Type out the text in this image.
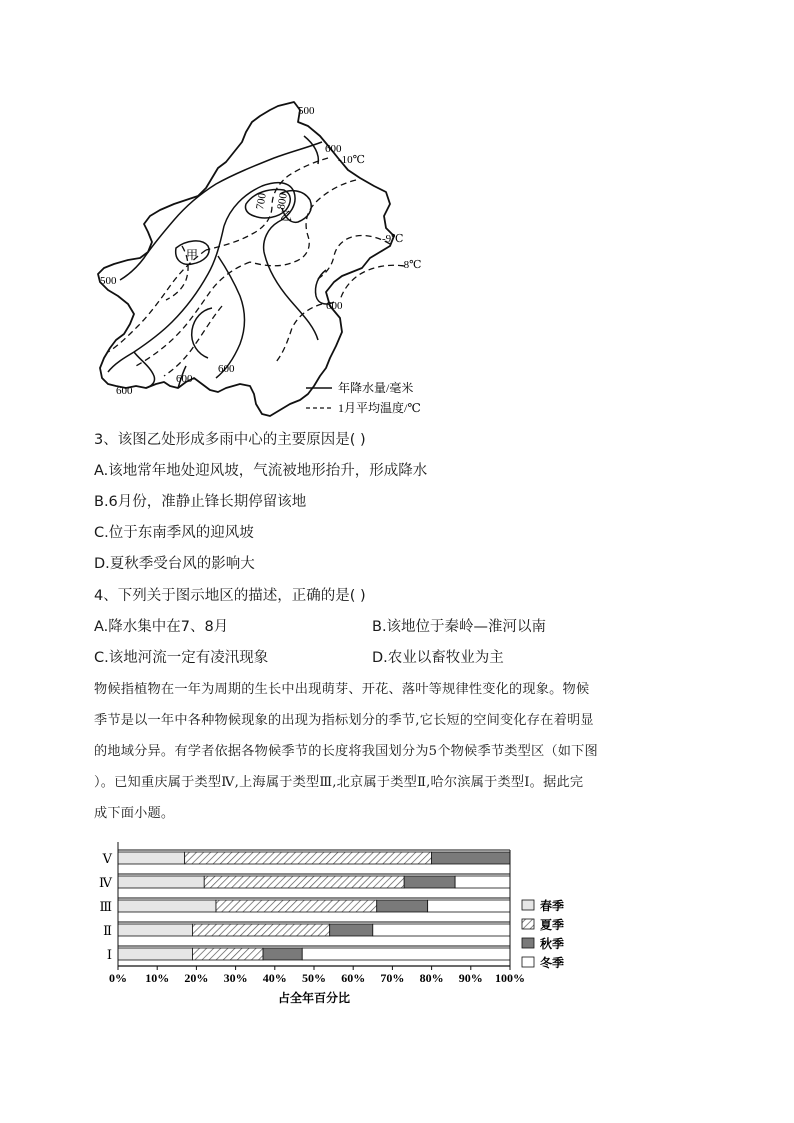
500
600
-10℃
700 800
乙
-9℃
-8℃
甲
500
600
600
600
600	年降水量/毫米
1月平均温度/℃
3、该图乙处形成多雨中心的主要原因是( )
A.该地常年地处迎风坡，气流被地形抬升，形成降水
B.6月份，准静止锋长期停留该地
C.位于东南季风的迎风坡
D.夏秋季受台风的影响大
4、下列关于图示地区的描述，正确的是( )
A.降水集中在7、8月	B.该地位于秦岭—淮河以南
C.该地河流一定有凌汛现象	D.农业以畜牧业为主
物候指植物在一年为周期的生长中出现萌芽、开花、落叶等规律性变化的现象。物候
季节是以一年中各种物候现象的出现为指标划分的季节,它长短的空间变化存在着明显
的地域分异。有学者依据各物候季节的长度将我国划分为5个物候季节类型区（如下图
）。已知重庆属于类型Ⅳ,上海属于类型Ⅲ,北京属于类型Ⅱ,哈尔滨属于类型Ⅰ。据此完
成下面小题。
0% 10% 20% 30% 40% 50% 60% 70% 80% 90% 100%
Ⅴ
Ⅳ
Ⅲ
Ⅱ
Ⅰ
春季
夏季
秋季
冬季
占全年百分比
